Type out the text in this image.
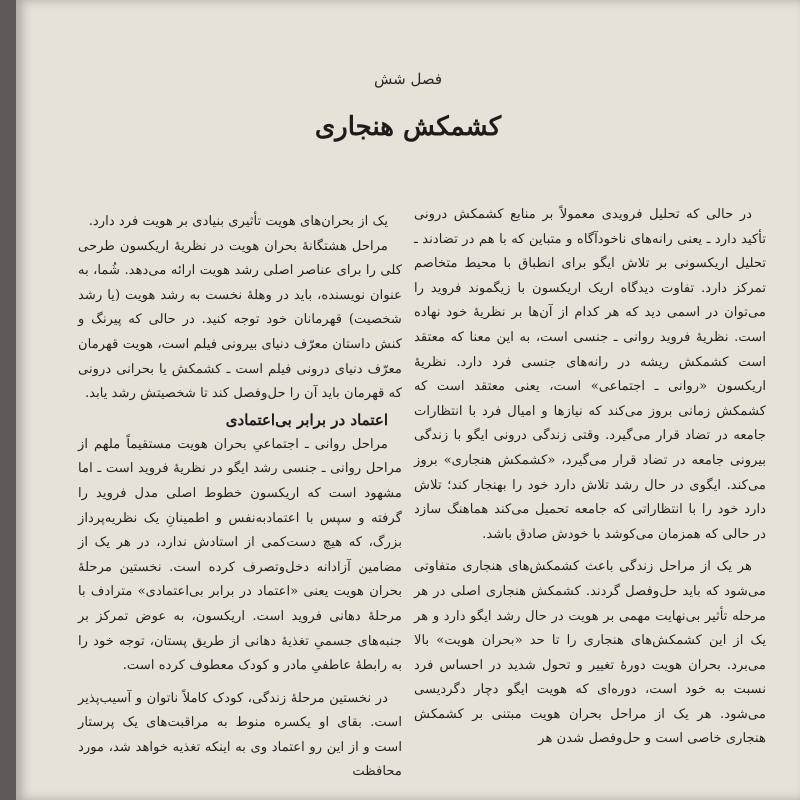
فصل شش
کشمکش هنجاری

در حالی که تحلیل فرویدی معمولاً بر منابع کشمکش درونی تأکید دارد ـ یعنی رانه‌های ناخودآگاه و متباین که با هم در تضادند ـ تحلیل اریکسونی بر تلاش ایگو برای انطباق با محیط متخاصم تمرکز دارد. تفاوت دیدگاه اریک اریکسون با زیگموند فروید را می‌توان در اسمی دید که هر کدام از آن‌ها بر نظریهٔ خود نهاده است. نظریهٔ فروید روانی ـ جنسی است، به این معنا که معتقد است کشمکش ریشه در رانه‌های جنسی فرد دارد. نظریهٔ اریکسون «روانی ـ اجتماعی» است، یعنی معتقد است که کشمکش زمانی بروز می‌کند که نیازها و امیال فرد با انتظارات جامعه در تضاد قرار می‌گیرد. وقتی زندگی درونی ایگو با زندگی بیرونی جامعه در تضاد قرار می‌گیرد، «کشمکش هنجاری» بروز می‌کند. ایگوی در حال رشد تلاش دارد خود را بهنجار کند؛ تلاش دارد خود را با انتظاراتی که جامعه تحمیل می‌کند هماهنگ سازد در حالی که همزمان می‌کوشد با خودش صادق باشد.

هر یک از مراحل زندگی باعث کشمکش‌های هنجاری متفاوتی می‌شود که باید حل‌وفصل گردند. کشمکش هنجاری اصلی در هر مرحله تأثیر بی‌نهایت مهمی بر هویت در حال رشد ایگو دارد و هر یک از این کشمکش‌های هنجاری را تا حد «بحران هویت» بالا می‌برد. بحران هویت دورهٔ تغییر و تحول شدید در احساس فرد نسبت به خود است، دوره‌ای که هویت ایگو دچار دگردیسی می‌شود. هر یک از مراحل بحران هویت مبتنی بر کشمکش هنجاری خاصی است و حل‌وفصل شدن هر

یک از بحران‌های هویت تأثیری بنیادی بر هویت فرد دارد.

مراحل هشتگانهٔ بحران هویت در نظریهٔ اریکسون طرحی کلی را برای عناصر اصلی رشد هویت ارائه می‌دهد. شُما، به عنوان نویسنده، باید در وهلهٔ نخست به رشد هویت (یا رشد شخصیت) قهرمانان خود توجه کنید. در حالی که پیرنگ و کنش داستان معرّف دنیای بیرونی فیلم است، هویت قهرمان معرّف دنیای درونی فیلم است ـ کشمکش یا بحرانی درونی که قهرمان باید آن را حل‌وفصل کند تا شخصیتش رشد یابد.

اعتماد در برابر بی‌اعتمادی

مراحل روانی ـ اجتماعیِ بحران هویت مستقیماً ملهم از مراحل روانی ـ جنسی رشد ایگو در نظریهٔ فروید است ـ اما مشهود است که اریکسون خطوط اصلی مدل فروید را گرفته و سپس با اعتمادبه‌نفس و اطمینانِ یک نظریه‌پرداز بزرگ، که هیچ دست‌کمی از استادش ندارد، در هر یک از مضامین آزادانه دخل‌وتصرف کرده است. نخستین مرحلهٔ بحران هویت یعنی «اعتماد در برابر بی‌اعتمادی» مترادف با مرحلهٔ دهانی فروید است. اریکسون، به عوض تمرکز بر جنبه‌های جسمیِ تغذیهٔ دهانی از طریق پستان، توجه خود را به رابطهٔ عاطفیِ مادر و کودک معطوف کرده است.

در نخستین مرحلهٔ زندگی، کودک کاملاً ناتوان و آسیب‌پذیر است. بقای او یکسره منوط به مراقبت‌های یک پرستار است و از این رو اعتماد وی به اینکه تغذیه خواهد شد، مورد محافظت
